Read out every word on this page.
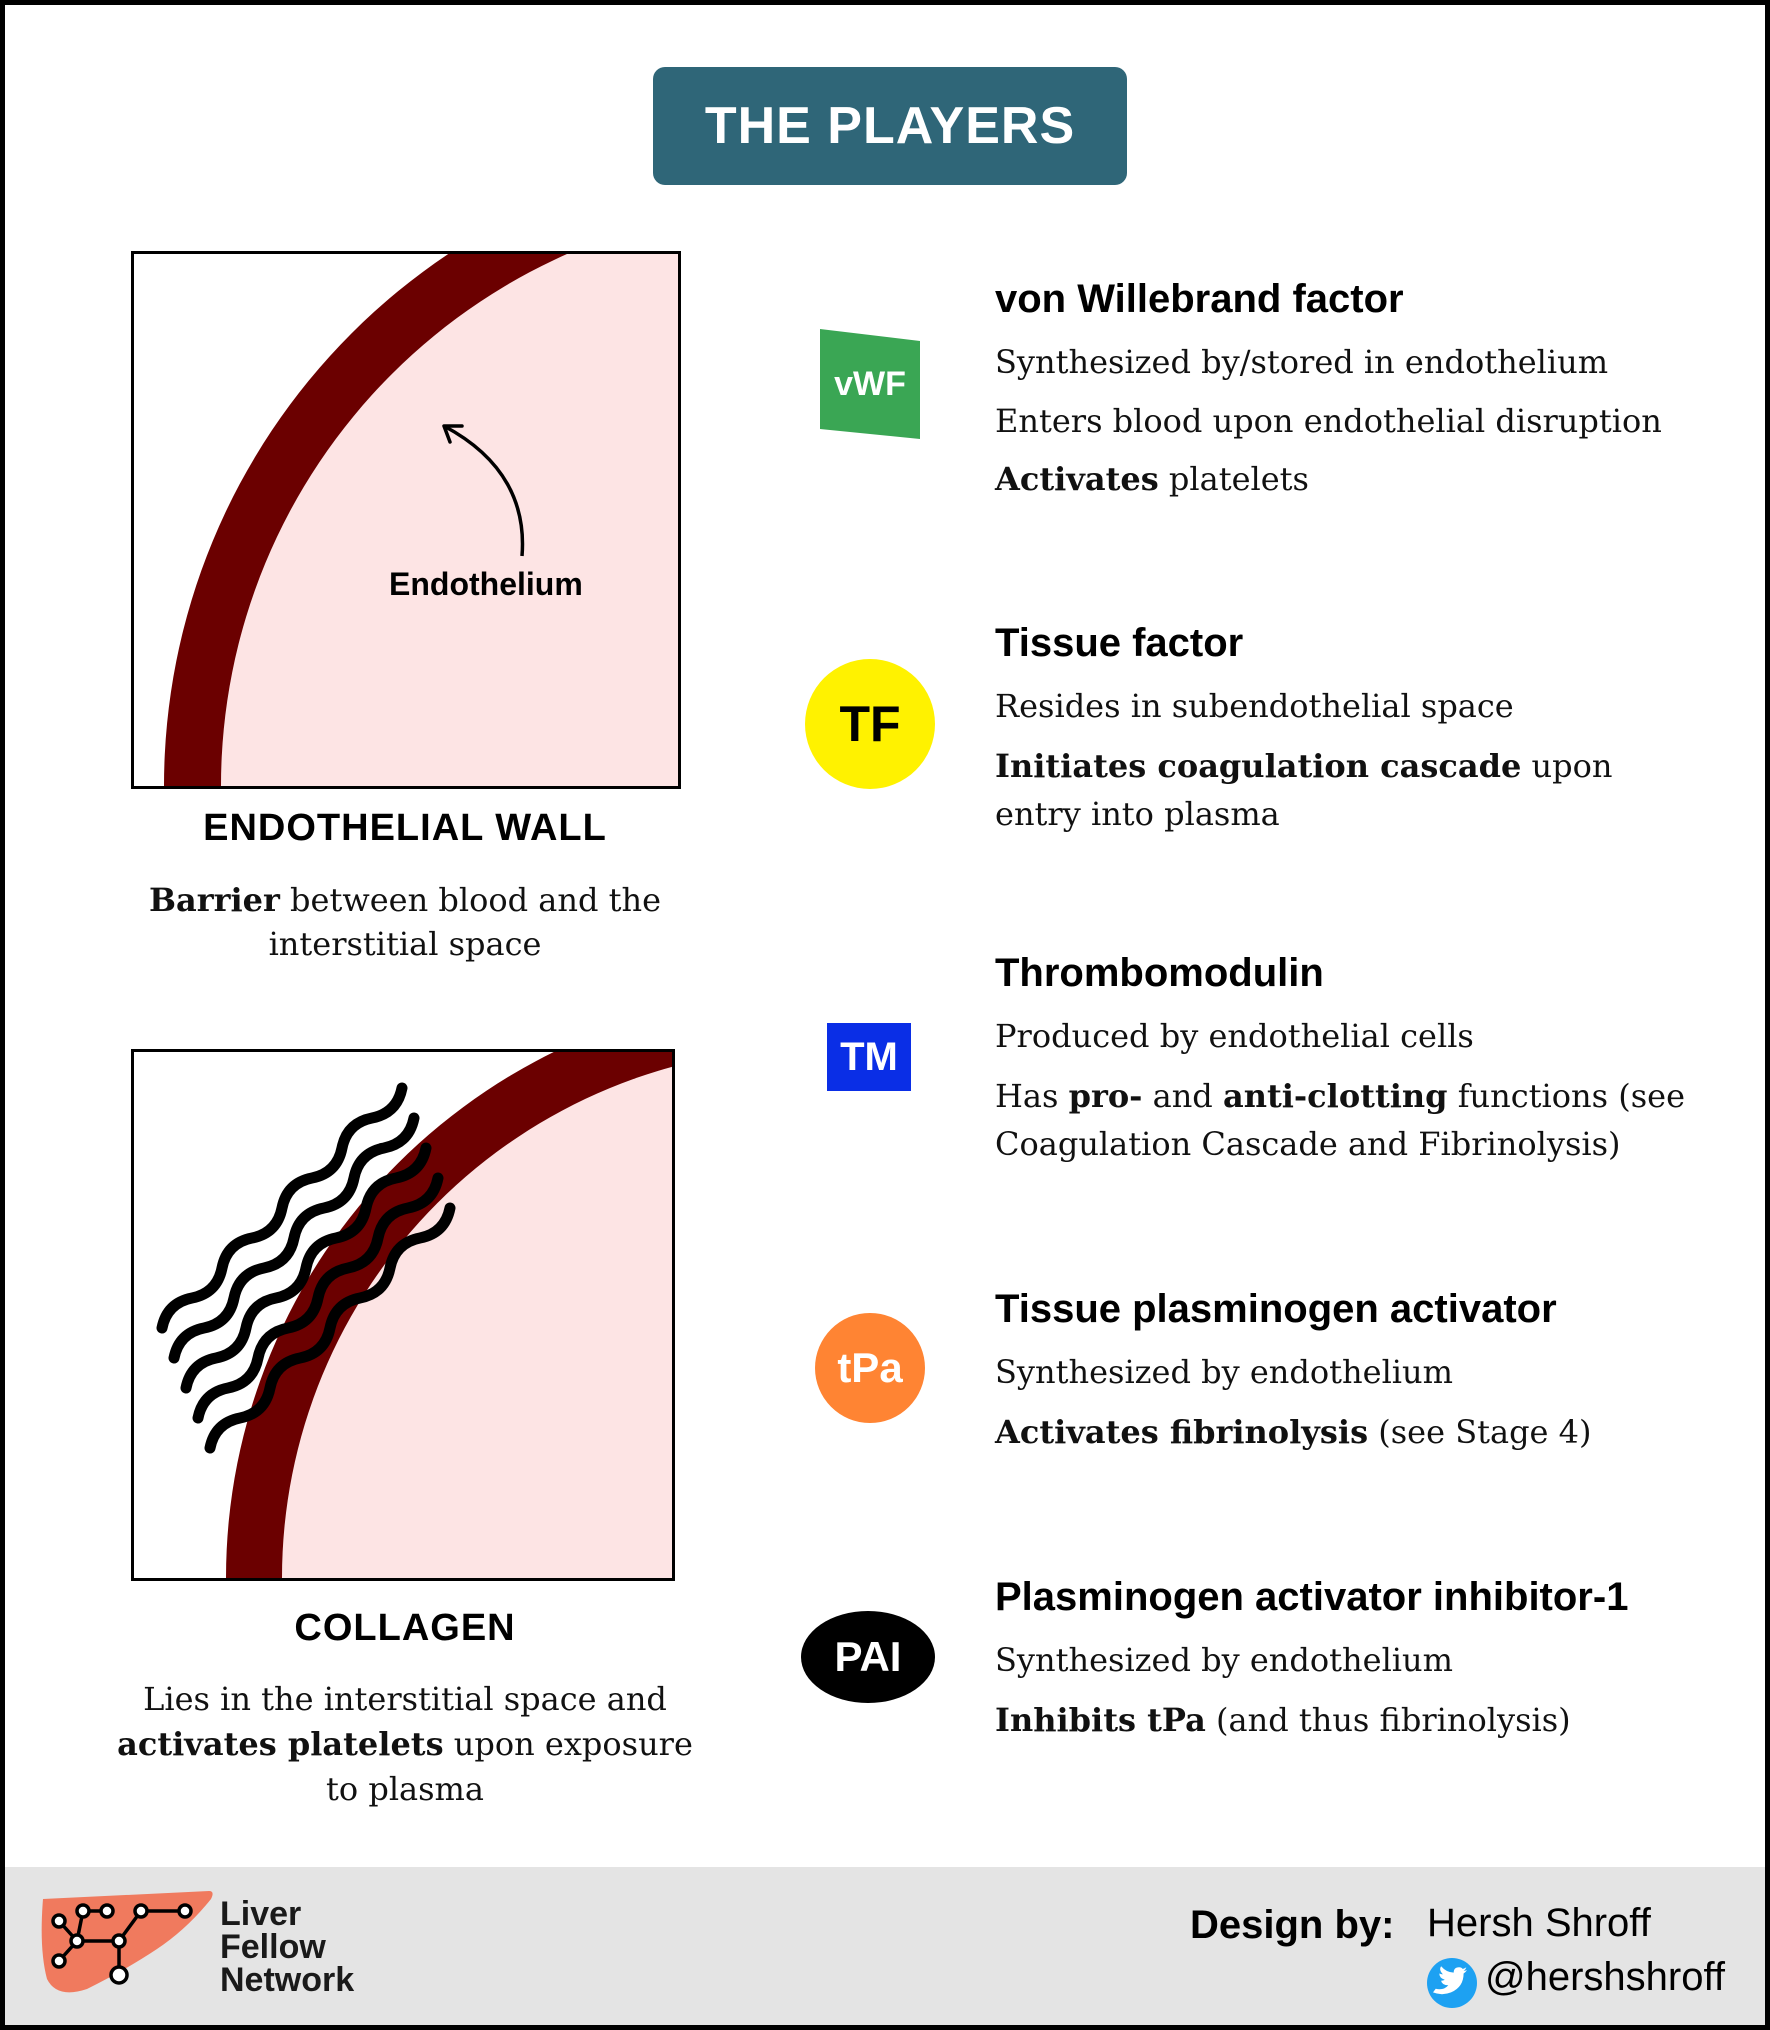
THE PLAYERS
Endothelium
ENDOTHELIAL WALL
Barrier between blood and the interstitial space
COLLAGEN
Lies in the interstitial space and activates platelets upon exposure to plasma
vWF
von Willebrand factor
Synthesized by/stored in endothelium
Enters blood upon endothelial disruption
Activates platelets
TF
Tissue factor
Resides in subendothelial space
Initiates coagulation cascade upon entry into plasma
TM
Thrombomodulin
Produced by endothelial cells
Has pro- and anti-clotting functions (see Coagulation Cascade and Fibrinolysis)
tPa
Tissue plasminogen activator
Synthesized by endothelium
Activates fibrinolysis (see Stage 4)
PAI
Plasminogen activator inhibitor-1
Synthesized by endothelium
Inhibits tPa (and thus fibrinolysis)
Liver
Fellow
Network
Design by: Hersh Shroff
@hershshroff
